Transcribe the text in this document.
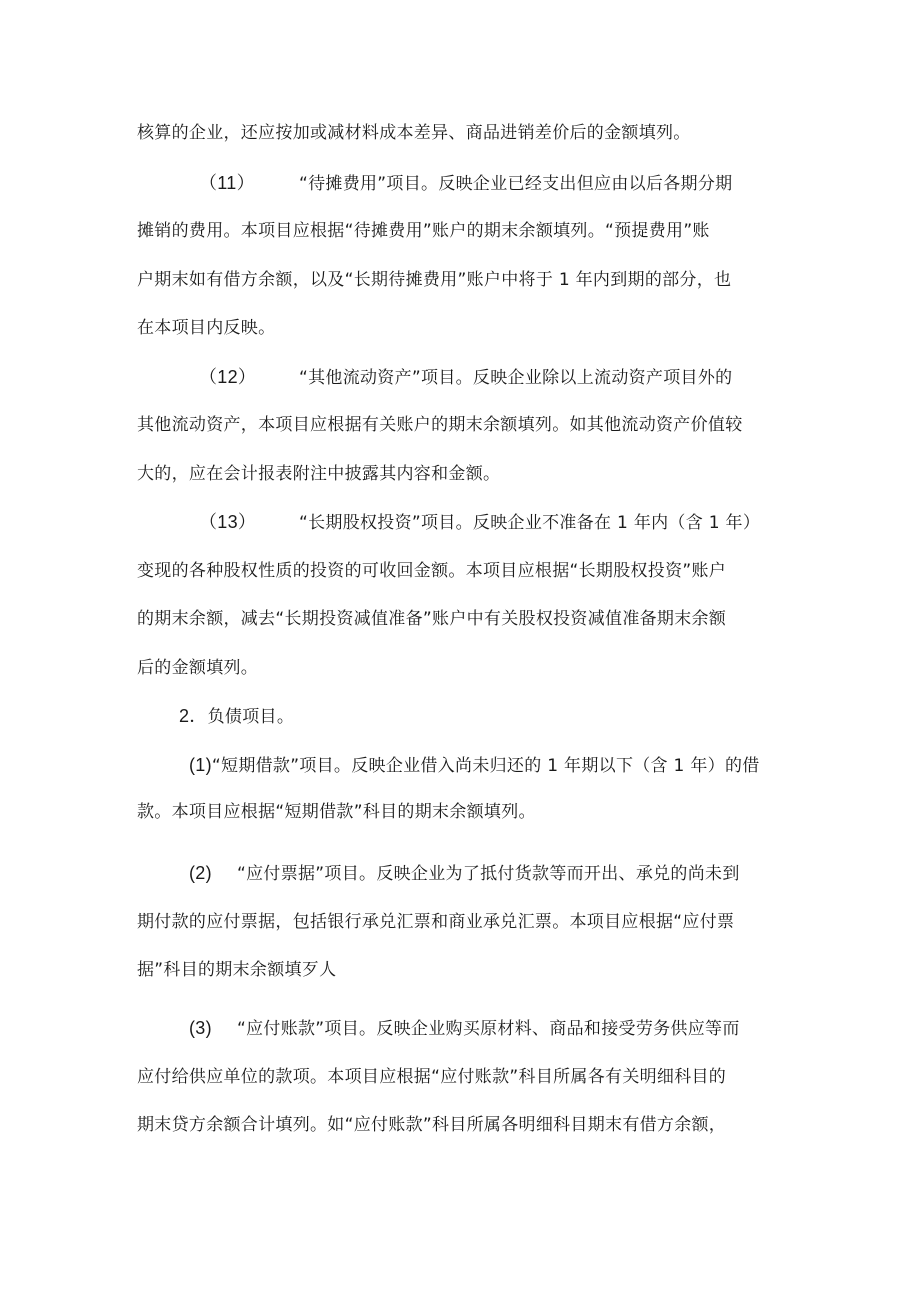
核算的企业，还应按加或减材料成本差异、商品进销差价后的金额填列。
（11）	“待摊费用”项目。反映企业已经支出但应由以后各期分期
摊销的费用。本项目应根据“待摊费用”账户的期末余额填列。“预提费用”账
户期末如有借方余额，以及“长期待摊费用”账户中将于 1 年内到期的部分，也
在本项目内反映。
（12）	“其他流动资产”项目。反映企业除以上流动资产项目外的
其他流动资产，本项目应根据有关账户的期末余额填列。如其他流动资产价值较
大的，应在会计报表附注中披露其内容和金额。
（13）	“长期股权投资”项目。反映企业不准备在 1 年内（含 1 年）
变现的各种股权性质的投资的可收回金额。本项目应根据“长期股权投资”账户
的期末余额，减去“长期投资减值准备”账户中有关股权投资减值准备期末余额
后的金额填列。
2．负债项目。
(1)“短期借款”项目。反映企业借入尚未归还的 1 年期以下（含 1 年）的借
款。本项目应根据“短期借款”科目的期末余额填列。
(2) “应付票据”项目。反映企业为了抵付货款等而开出、承兑的尚未到
期付款的应付票据，包括银行承兑汇票和商业承兑汇票。本项目应根据“应付票
据”科目的期末余额填歹人
(3) “应付账款”项目。反映企业购买原材料、商品和接受劳务供应等而
应付给供应单位的款项。本项目应根据“应付账款”科目所属各有关明细科目的
期末贷方余额合计填列。如“应付账款”科目所属各明细科目期末有借方余额，
